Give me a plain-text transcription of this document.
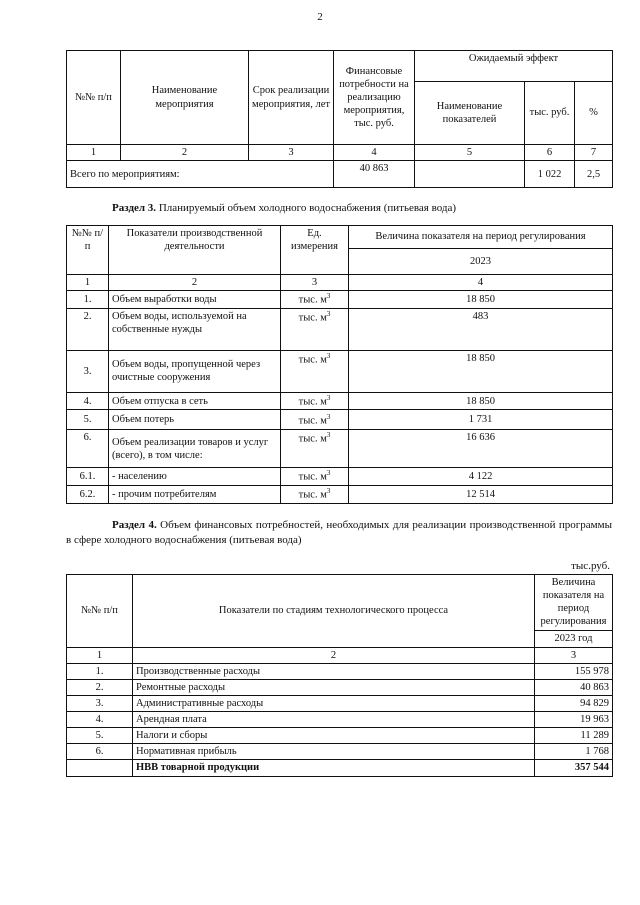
2
№№ п/п	Наименование мероприятия	Срок реализации мероприятия, лет	Финансовые потребности на реализацию мероприятия, тыс. руб.	Ожидаемый эффект		
				Наименование показателей	тыс. руб.	%
1	2	3	4	5	6	7
Всего по мероприятиям:			40 863		1 022	2,5
Раздел 3. Планируемый объем холодного водоснабжения (питьевая вода)
№№ п/п	Показатели производственной деятельности	Ед. измерения	Величина показателя на период регулирования
			2023
1	2	3	4
1.	Объем выработки воды	тыс. $м^3$	18 850
2.	Объем воды, используемой на собственные нужды	тыс. $м^3$	483
3.	Объем воды, пропущенной через очистные сооружения	тыс. $м^3$	18 850
4.	Объем отпуска в сеть	тыс. $м^3$	18 850
5.	Объем потерь	тыс. $м^3$	1 731
6.	Объем реализации товаров и услуг (всего), в том числе:	тыс. $м^3$	16 636
6.1.	- населению	тыс. $м^3$	4 122
6.2.	- прочим потребителям	тыс. $м^3$	12 514
Раздел 4. Объем финансовых потребностей, необходимых для реализации производственной программы в сфере холодного водоснабжения (питьевая вода)
тыс.руб.
№№ п/п	Показатели по стадиям технологического процесса	Величина показателя на период регулирования
		2023 год
1	2	3
1.	Производственные расходы	155 978
2.	Ремонтные расходы	40 863
3.	Административные расходы	94 829
4.	Арендная плата	19 963
5.	Налоги и сборы	11 289
6.	Нормативная прибыль	1 768
	НВВ товарной продукции	357 544
